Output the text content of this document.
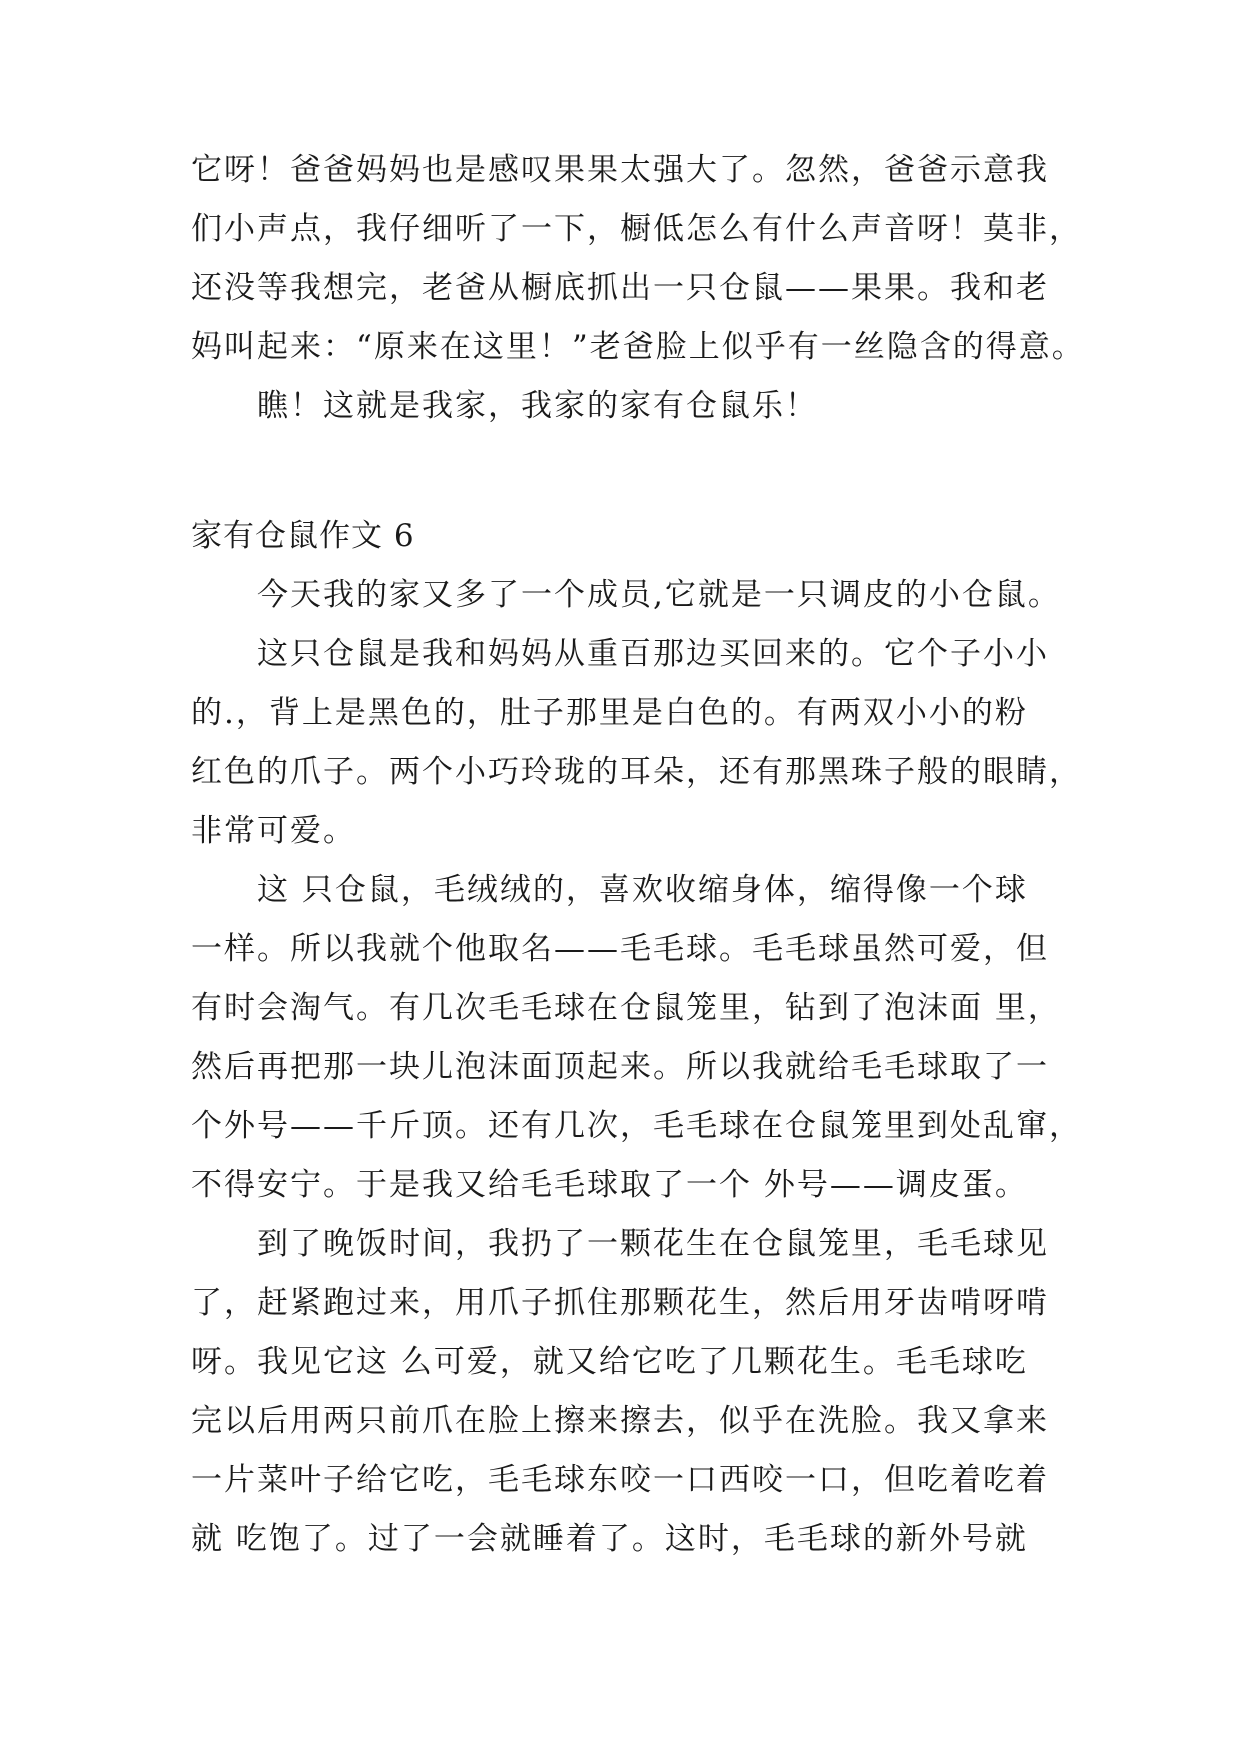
它呀！爸爸妈妈也是感叹果果太强大了。忽然，爸爸示意我
们小声点，我仔细听了一下，橱低怎么有什么声音呀！莫非，
还没等我想完，老爸从橱底抓出一只仓鼠——果果。我和老
妈叫起来：“原来在这里！”老爸脸上似乎有一丝隐含的得意。
瞧！这就是我家，我家的家有仓鼠乐！
家有仓鼠作文 6
今天我的家又多了一个成员,它就是一只调皮的小仓鼠。
这只仓鼠是我和妈妈从重百那边买回来的。它个子小小
的.，背上是黑色的，肚子那里是白色的。有两双小小的粉
红色的爪子。两个小巧玲珑的耳朵，还有那黑珠子般的眼睛，
非常可爱。
这 只仓鼠，毛绒绒的，喜欢收缩身体，缩得像一个球
一样。所以我就个他取名——毛毛球。毛毛球虽然可爱，但
有时会淘气。有几次毛毛球在仓鼠笼里，钻到了泡沫面 里，
然后再把那一块儿泡沫面顶起来。所以我就给毛毛球取了一
个外号——千斤顶。还有几次，毛毛球在仓鼠笼里到处乱窜，
不得安宁。于是我又给毛毛球取了一个 外号——调皮蛋。
到了晚饭时间，我扔了一颗花生在仓鼠笼里，毛毛球见
了，赶紧跑过来，用爪子抓住那颗花生，然后用牙齿啃呀啃
呀。我见它这 么可爱，就又给它吃了几颗花生。毛毛球吃
完以后用两只前爪在脸上擦来擦去，似乎在洗脸。我又拿来
一片菜叶子给它吃，毛毛球东咬一口西咬一口，但吃着吃着
就 吃饱了。过了一会就睡着了。这时，毛毛球的新外号就
